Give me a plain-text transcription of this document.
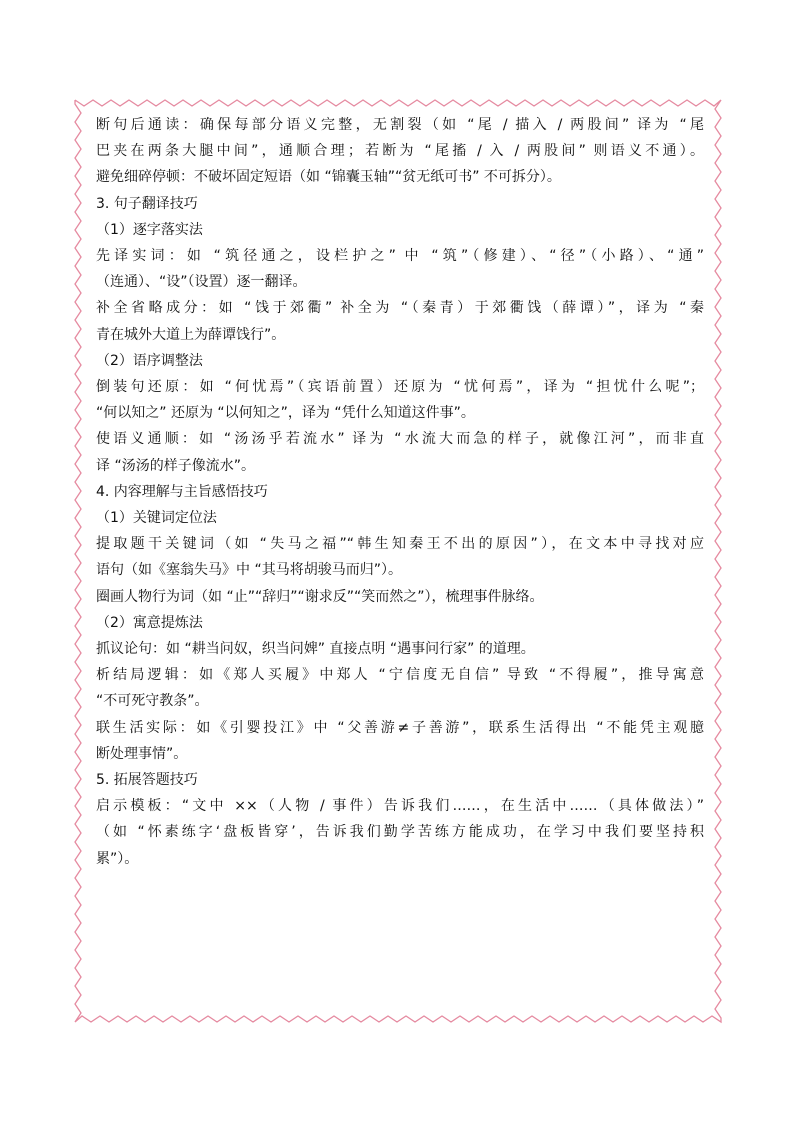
断句后通读：确保每部分语义完整，无割裂（如 “尾 / 描入 / 两股间” 译为 “尾
巴夹在两条大腿中间”，通顺合理；若断为 “尾搐 / 入 / 两股间” 则语义不通）。
避免细碎停顿：不破坏固定短语（如 “锦囊玉轴”“贫无纸可书” 不可拆分）。
3. 句子翻译技巧
（1）逐字落实法
先译实词：如 “筑径通之，设栏护之” 中 “筑”（修建）、“径”（小路）、“通”
（连通）、“设”（设置）逐一翻译。
补全省略成分：如 “饯于郊衢” 补全为 “（秦青）于郊衢饯（薛谭）”，译为 “秦
青在城外大道上为薛谭饯行”。
（2）语序调整法
倒装句还原：如 “何忧焉”（宾语前置）还原为 “忧何焉”，译为 “担忧什么呢”；
“何以知之” 还原为 “以何知之”，译为 “凭什么知道这件事”。
使语义通顺：如 “汤汤乎若流水” 译为 “水流大而急的样子，就像江河”，而非直
译 “汤汤的样子像流水”。
4. 内容理解与主旨感悟技巧
（1）关键词定位法
提取题干关键词（如 “失马之福”“韩生知秦王不出的原因”），在文本中寻找对应
语句（如《塞翁失马》中 “其马将胡骏马而归”）。
圈画人物行为词（如 “止”“辞归”“谢求反”“笑而然之”），梳理事件脉络。
（2）寓意提炼法
抓议论句：如 “耕当问奴，织当问婢” 直接点明 “遇事问行家” 的道理。
析结局逻辑：如《郑人买履》中郑人 “宁信度无自信” 导致 “不得履”，推导寓意
“不可死守教条”。
联生活实际：如《引婴投江》中 “父善游≠子善游”，联系生活得出 “不能凭主观臆
断处理事情”。
5. 拓展答题技巧
启示模板：“文中 ××（人物 / 事件）告诉我们……，在生活中……（具体做法）”
（如 “怀素练字‘盘板皆穿’，告诉我们勤学苦练方能成功，在学习中我们要坚持积
累”）。
